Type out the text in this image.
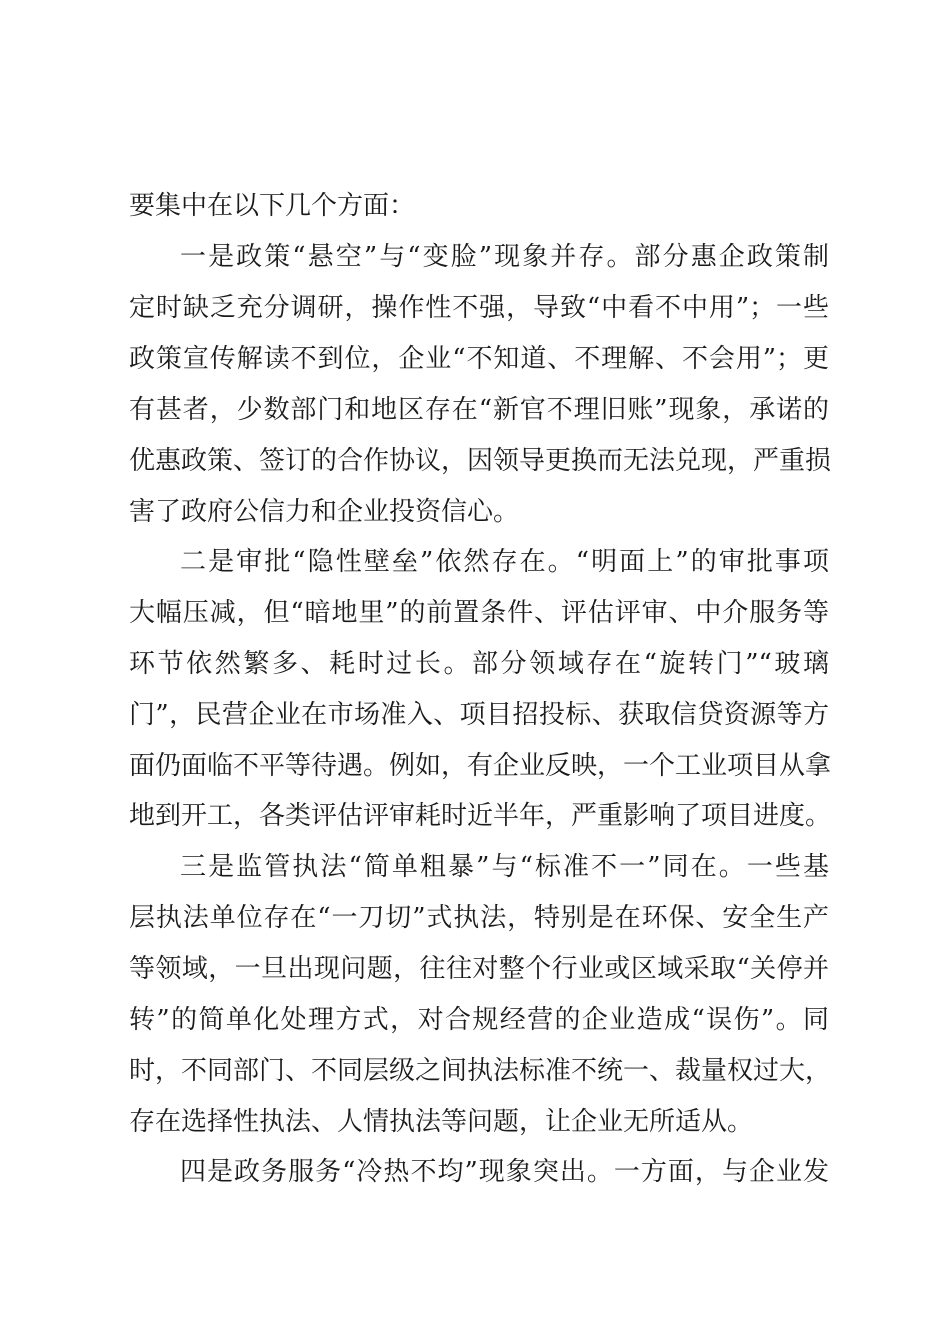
要集中在以下几个方面：
一是政策“悬空”与“变脸”现象并存。部分惠企政策制
定时缺乏充分调研，操作性不强，导致“中看不中用”；一些
政策宣传解读不到位，企业“不知道、不理解、不会用”；更
有甚者，少数部门和地区存在“新官不理旧账”现象，承诺的
优惠政策、签订的合作协议，因领导更换而无法兑现，严重损
害了政府公信力和企业投资信心。
二是审批“隐性壁垒”依然存在。“明面上”的审批事项
大幅压减，但“暗地里”的前置条件、评估评审、中介服务等
环节依然繁多、耗时过长。部分领域存在“旋转门”“玻璃
门”，民营企业在市场准入、项目招投标、获取信贷资源等方
面仍面临不平等待遇。例如，有企业反映，一个工业项目从拿
地到开工，各类评估评审耗时近半年，严重影响了项目进度。
三是监管执法“简单粗暴”与“标准不一”同在。一些基
层执法单位存在“一刀切”式执法，特别是在环保、安全生产
等领域，一旦出现问题，往往对整个行业或区域采取“关停并
转”的简单化处理方式，对合规经营的企业造成“误伤”。同
时，不同部门、不同层级之间执法标准不统一、裁量权过大，
存在选择性执法、人情执法等问题，让企业无所适从。
四是政务服务“冷热不均”现象突出。一方面，与企业发
